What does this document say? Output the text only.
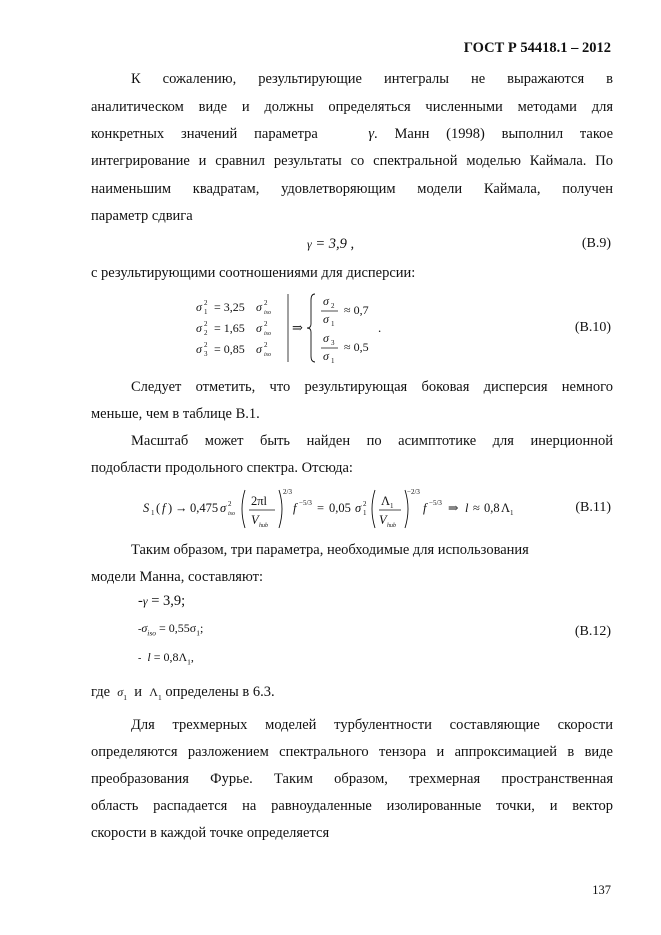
ГОСТ Р 54418.1 – 2012
К сожалению, результирующие интегралы не выражаются в
аналитическом виде и должны определяться численными методами для
конкретных значений параметра	γ. Манн (1998) выполнил такое
интегрирование и сравнил результаты со спектральной моделью Каймала. По
наименьшим квадратам, удовлетворяющим модели Каймала, получен
параметр сдвига
γ = 3,9 ,	(В.9)
с результирующими соотношениями для дисперсии:
σ 1
2 = 3,25 σ 2
iso
σ 2
2 = 1,65 σ 2
iso
σ 3
2 = 0,85 σ 2
iso
⇒
σ 2
σ 1
≈ 0,7
σ 3
σ 1
≈ 0,5
.	(В.10)
Следует отметить, что результирующая боковая дисперсия немного
меньше, чем в таблице В.1.
Масштаб может быть найден по асимптотике для инерционной
подобласти продольного спектра. Отсюда:
S 1 ( f ) → 0,475 σ 2
iso
2πl
V hub
2/3
f −5/3 = 0,05 σ 2
1
Λ 1
V hub
−2/3
f −5/3 ⇒ l ≈ 0,8 Λ 1	(В.11)
Таким образом, три параметра, необходимые для использования
модели Манна, составляют:
-γ = 3,9;
$-\sigma_{iso} = 0,55\sigma_1$;
- $l = 0,8\Lambda_1$,
(В.12)
где $\sigma_1$ и $\Lambda_1$ определены в 6.3.
Для трехмерных моделей турбулентности составляющие скорости
определяются разложением спектрального тензора и аппроксимацией в виде
преобразования Фурье. Таким образом, трехмерная пространственная
область распадается на равноудаленные изолированные точки, и вектор
скорости в каждой точке определяется
137
